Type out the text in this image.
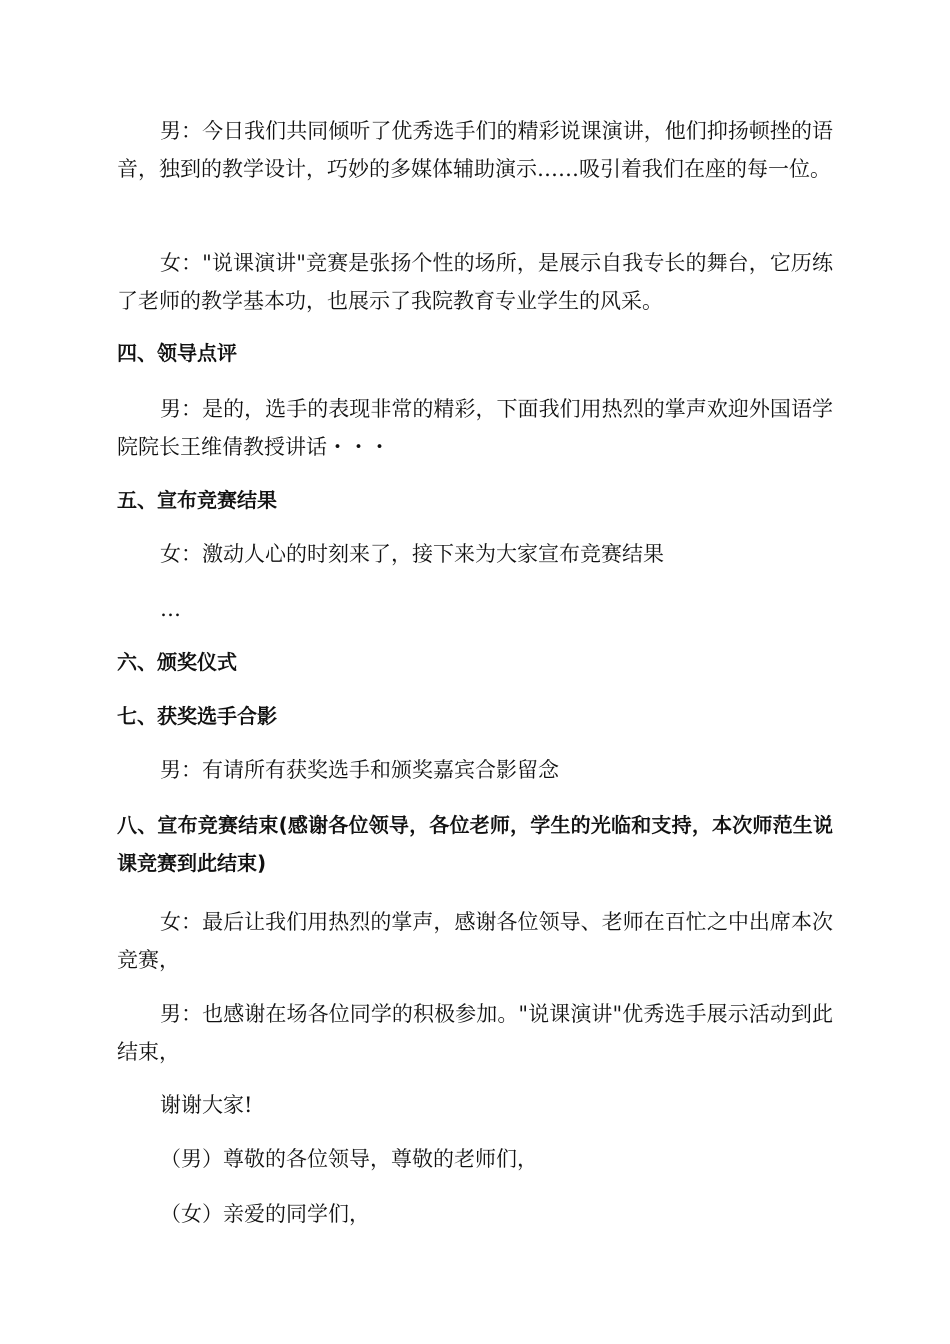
男：今日我们共同倾听了优秀选手们的精彩说课演讲，他们抑扬顿挫的语音，独到的教学设计，巧妙的多媒体辅助演示……吸引着我们在座的每一位。

女："说课演讲"竞赛是张扬个性的场所，是展示自我专长的舞台，它历练了老师的教学基本功，也展示了我院教育专业学生的风采。

四、领导点评

男：是的，选手的表现非常的精彩，下面我们用热烈的掌声欢迎外国语学院院长王维倩教授讲话・・・

五、宣布竞赛结果

女：激动人心的时刻来了，接下来为大家宣布竞赛结果

…

六、颁奖仪式

七、获奖选手合影

男：有请所有获奖选手和颁奖嘉宾合影留念

八、宣布竞赛结束(感谢各位领导，各位老师，学生的光临和支持，本次师范生说课竞赛到此结束)

女：最后让我们用热烈的掌声，感谢各位领导、老师在百忙之中出席本次竞赛，

男：也感谢在场各位同学的积极参加。"说课演讲"优秀选手展示活动到此结束，

谢谢大家!

（男）尊敬的各位领导，尊敬的老师们，

（女）亲爱的同学们，
